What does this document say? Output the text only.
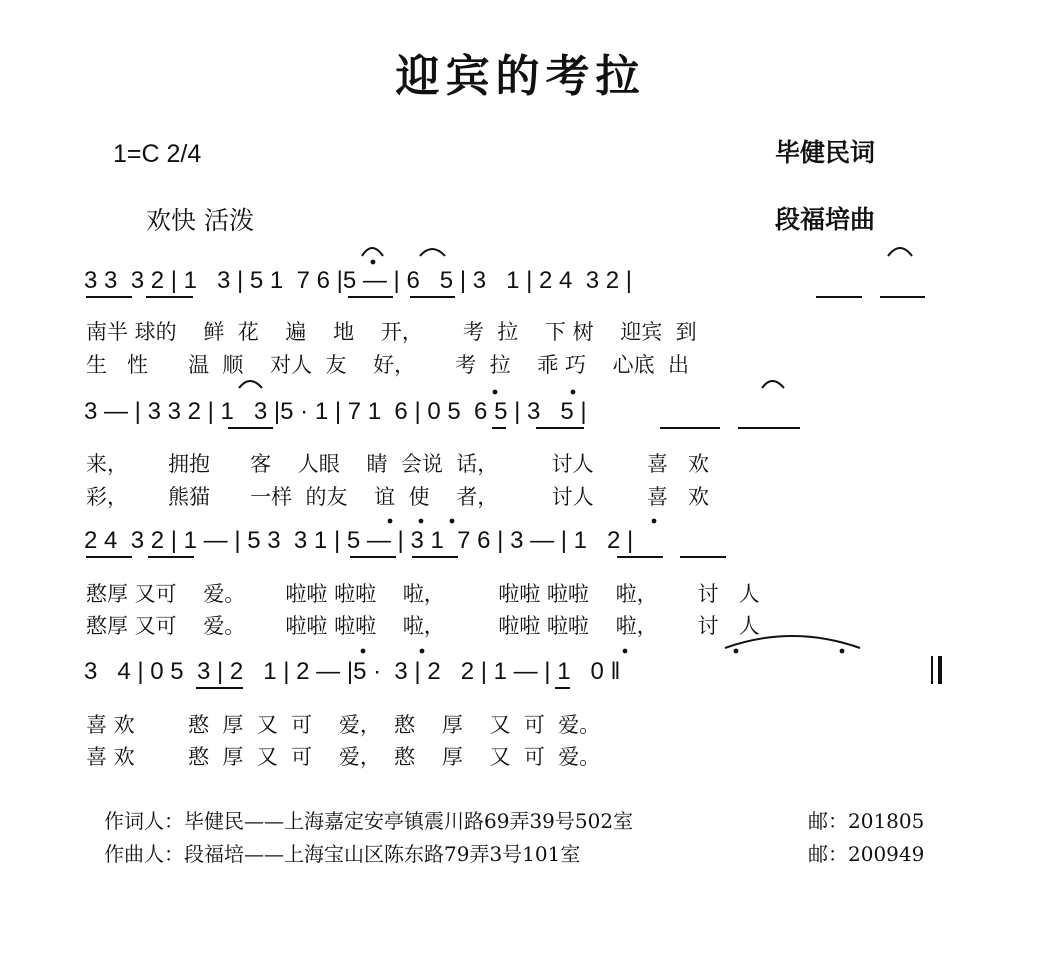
迎宾的考拉
1=C 2/4
欢快 活泼
毕健民词
段福培曲
3 3  3 2 | 1   3 | 5 1  7 6 |5 — | 6   5 | 3   1 | 2 4  3 2 |
南半 球的    鲜  花    遍    地    开，      考  拉    下 树    迎宾  到
生   性      温  顺    对人  友    好，      考  拉    乖 巧    心底  出
3 — | 3 3 2 | 1   3 |5 · 1 | 7 1  6 | 0 5  6 5 | 3   5 |
来，      拥抱      客    人眼    睛  会说  话，        讨人        喜   欢
彩，      熊猫      一样  的友    谊  使    者，        讨人        喜   欢
2 4  3 2 | 1 — | 5 3  3 1 | 5 — | 3 1  7 6 | 3 — | 1   2 |
憨厚 又可    爱。      啦啦 啦啦    啦，        啦啦 啦啦    啦，      讨   人
憨厚 又可    爱。      啦啦 啦啦    啦，        啦啦 啦啦    啦，      讨   人
3   4 | 0 5  3 | 2   1 | 2 — |5 ·  3 | 2   2 | 1 — | 1   0 ‖
喜 欢        憨  厚  又  可    爱，  憨    厚    又  可  爱。
喜 欢        憨  厚  又  可    爱，  憨    厚    又  可  爱。
作词人：毕健民——上海嘉定安亭镇震川路69弄39号502室	邮：201805
作曲人：段福培——上海宝山区陈东路79弄3号101室	邮：200949
